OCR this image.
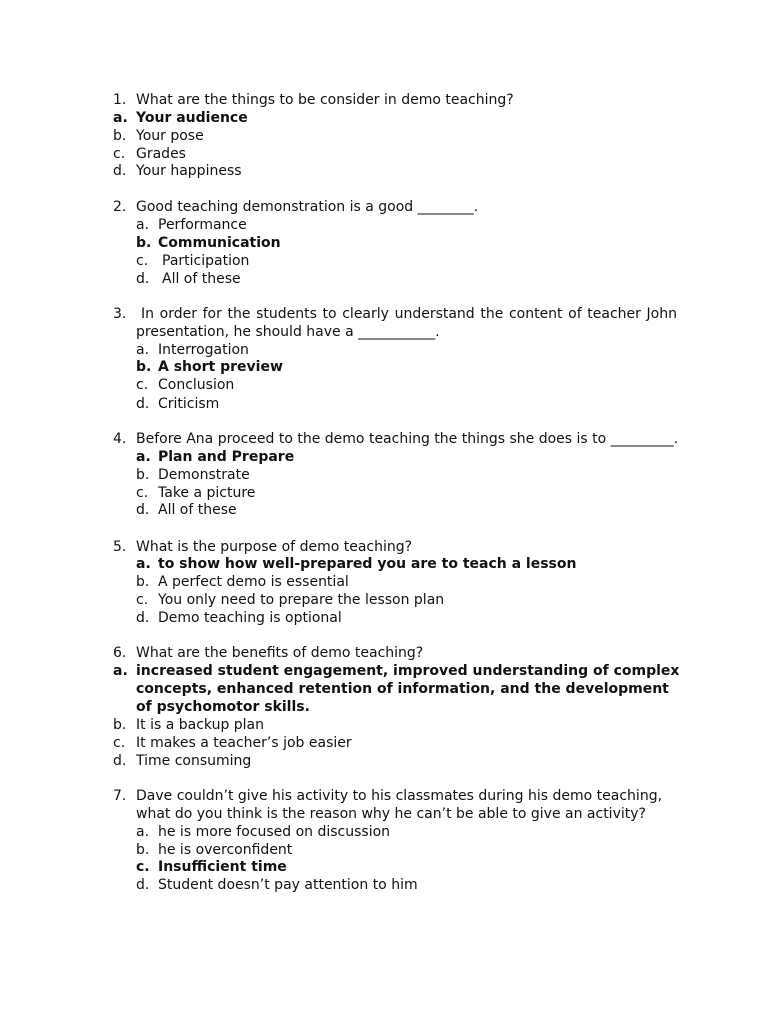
1. What are the things to be consider in demo teaching?
a. Your audience
b. Your pose
c. Grades
d. Your happiness
2. Good teaching demonstration is a good ________.
a. Performance
b. Communication
c. Participation
d. All of these
3. In order for the students to clearly understand the content of teacher John
presentation, he should have a ___________.
a. Interrogation
b. A short preview
c. Conclusion
d. Criticism
4. Before Ana proceed to the demo teaching the things she does is to _________.
a. Plan and Prepare
b. Demonstrate
c. Take a picture
d. All of these
5. What is the purpose of demo teaching?
a. to show how well-prepared you are to teach a lesson
b. A perfect demo is essential
c. You only need to prepare the lesson plan
d. Demo teaching is optional
6. What are the benefits of demo teaching?
a. increased student engagement, improved understanding of complex
concepts, enhanced retention of information, and the development
of psychomotor skills.
b. It is a backup plan
c. It makes a teacher’s job easier
d. Time consuming
7. Dave couldn’t give his activity to his classmates during his demo teaching,
what do you think is the reason why he can’t be able to give an activity?
a. he is more focused on discussion
b. he is overconfident
c. Insufficient time
d. Student doesn’t pay attention to him
